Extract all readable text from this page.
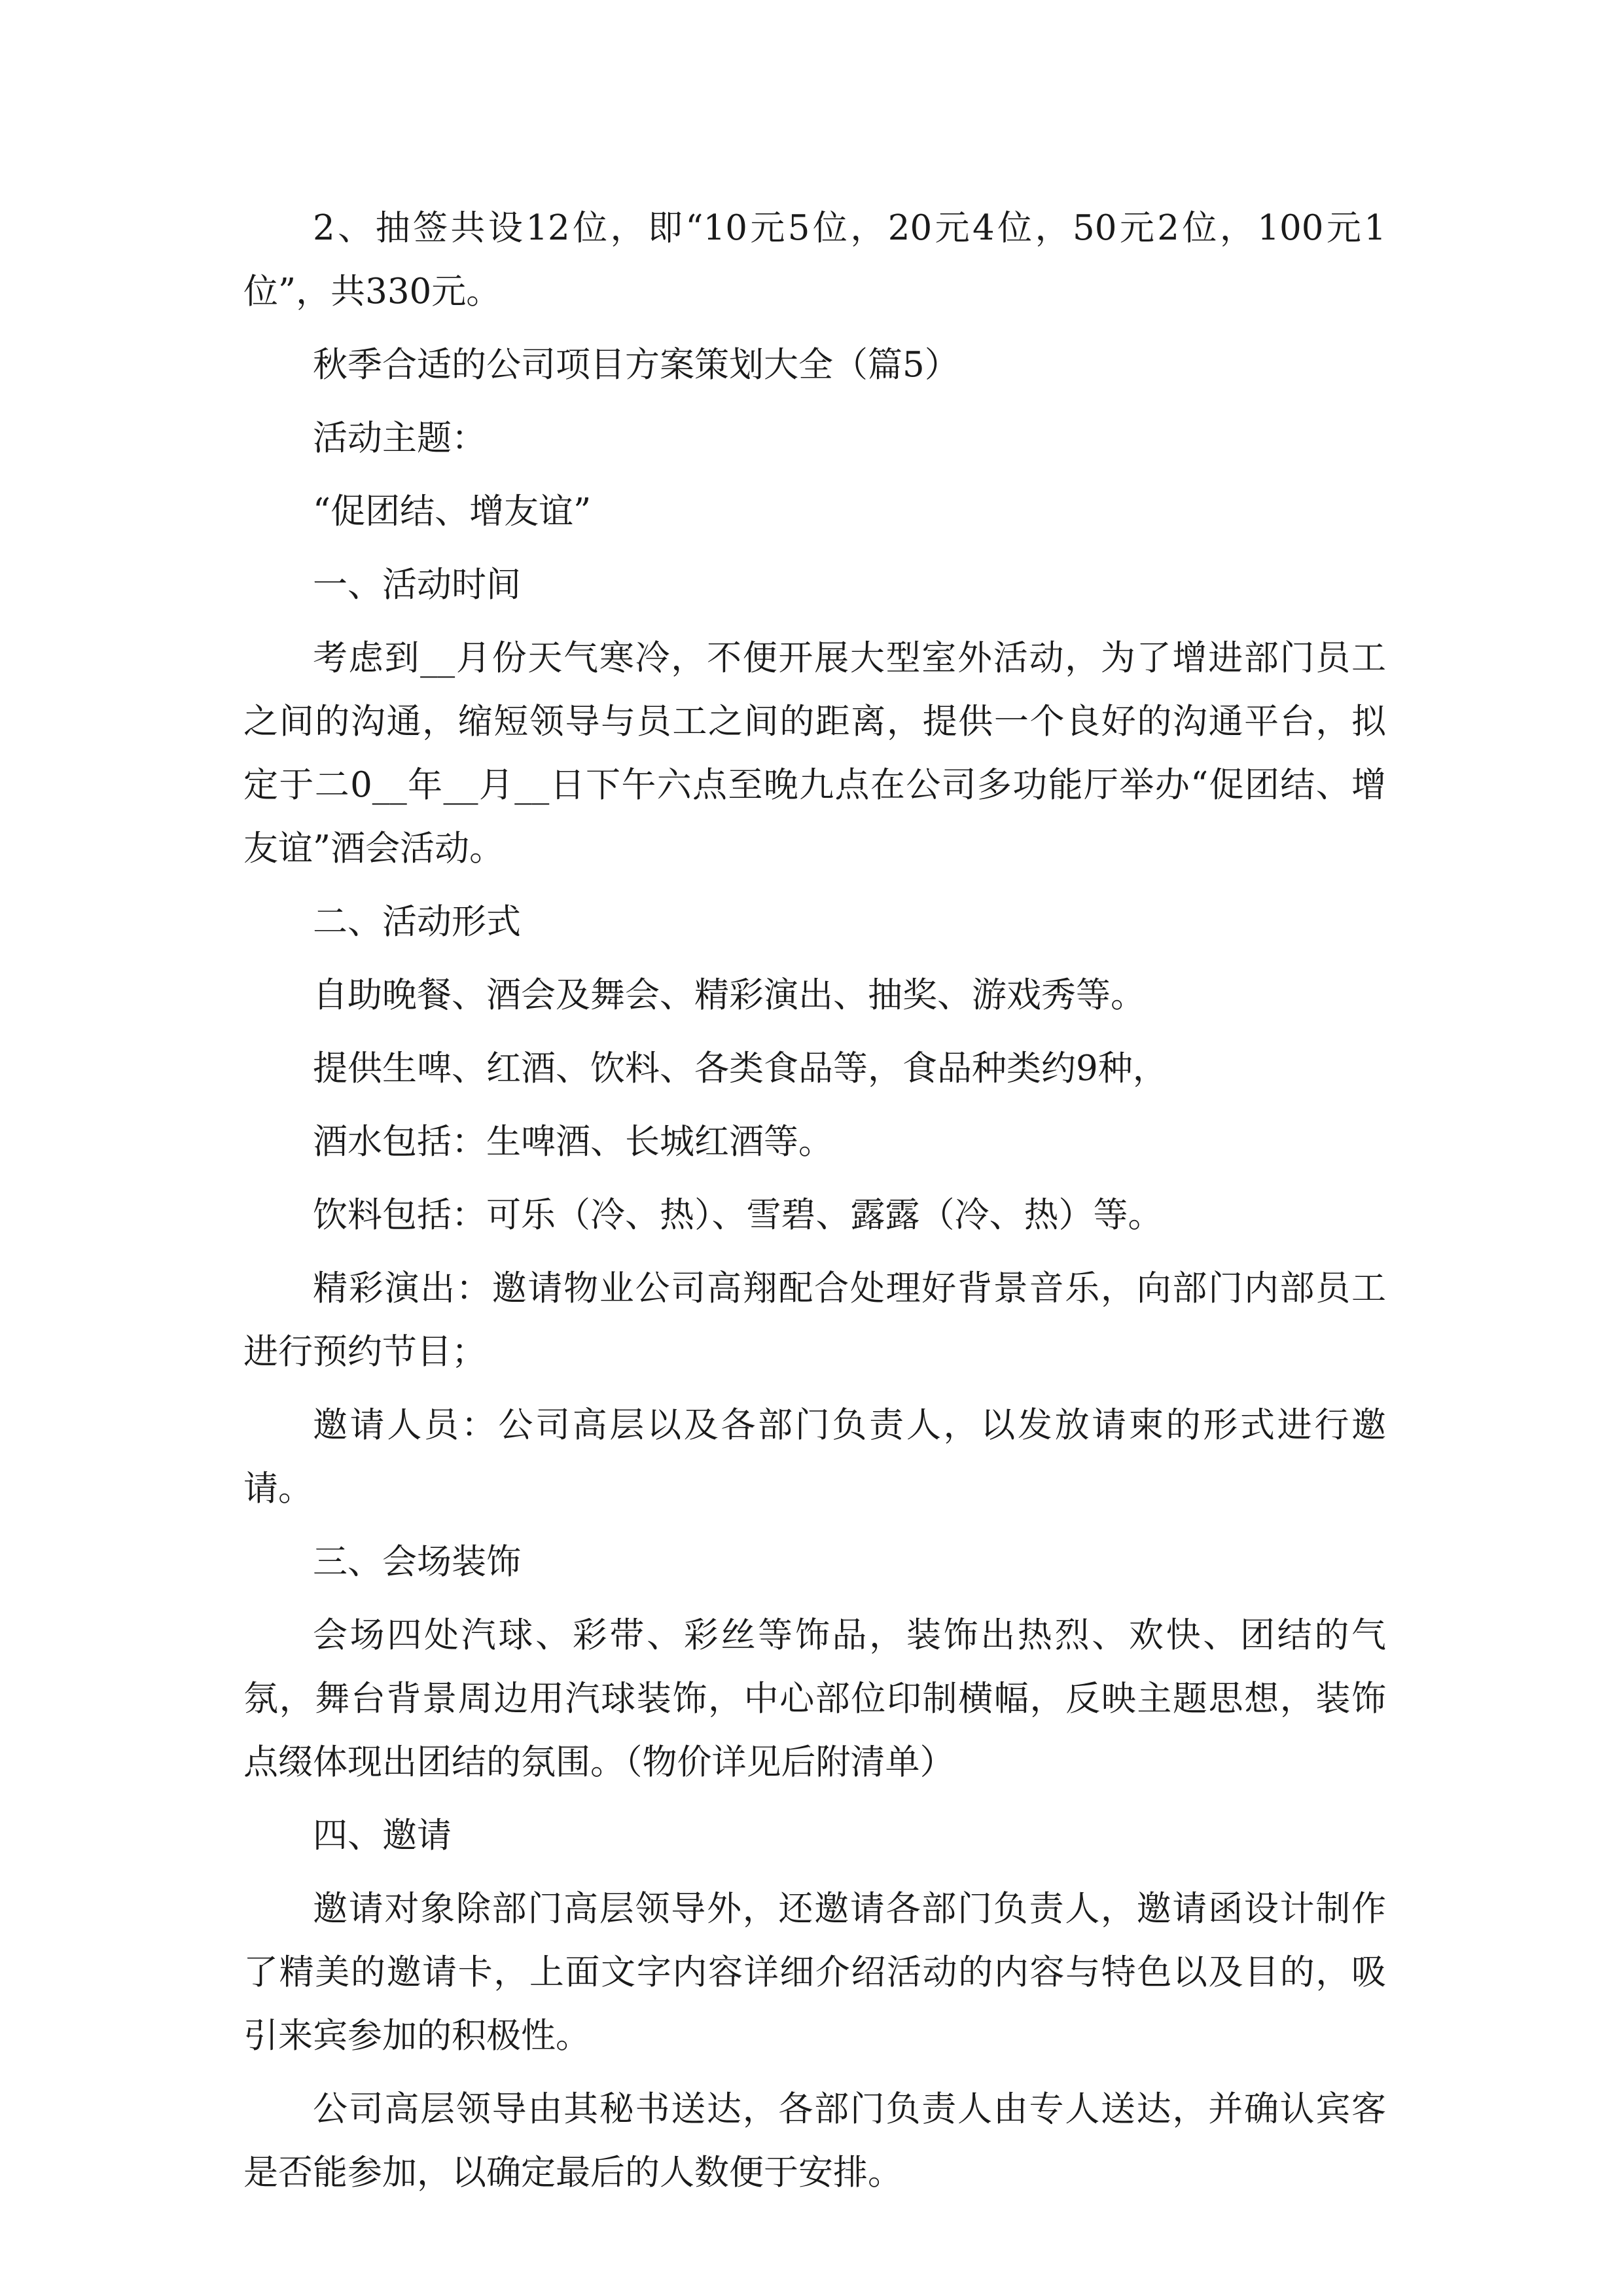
2、抽签共设12位，即“10元5位，20元4位，50元2位，100元1位”，共330元。

秋季合适的公司项目方案策划大全（篇5）

活动主题：

“促团结、增友谊”

一、活动时间

考虑到__月份天气寒冷，不便开展大型室外活动，为了增进部门员工之间的沟通，缩短领导与员工之间的距离，提供一个良好的沟通平台，拟定于二0__年__月__日下午六点至晚九点在公司多功能厅举办“促团结、增友谊”酒会活动。

二、活动形式

自助晚餐、酒会及舞会、精彩演出、抽奖、游戏秀等。

提供生啤、红酒、饮料、各类食品等，食品种类约9种，

酒水包括：生啤酒、长城红酒等。

饮料包括：可乐（冷、热）、雪碧、露露（冷、热）等。

精彩演出：邀请物业公司高翔配合处理好背景音乐，向部门内部员工进行预约节目；

邀请人员：公司高层以及各部门负责人，以发放请柬的形式进行邀请。

三、会场装饰

会场四处汽球、彩带、彩丝等饰品，装饰出热烈、欢快、团结的气氛，舞台背景周边用汽球装饰，中心部位印制横幅，反映主题思想，装饰点缀体现出团结的氛围。（物价详见后附清单）

四、邀请

邀请对象除部门高层领导外，还邀请各部门负责人，邀请函设计制作了精美的邀请卡，上面文字内容详细介绍活动的内容与特色以及目的，吸引来宾参加的积极性。

公司高层领导由其秘书送达，各部门负责人由专人送达，并确认宾客是否能参加，以确定最后的人数便于安排。
